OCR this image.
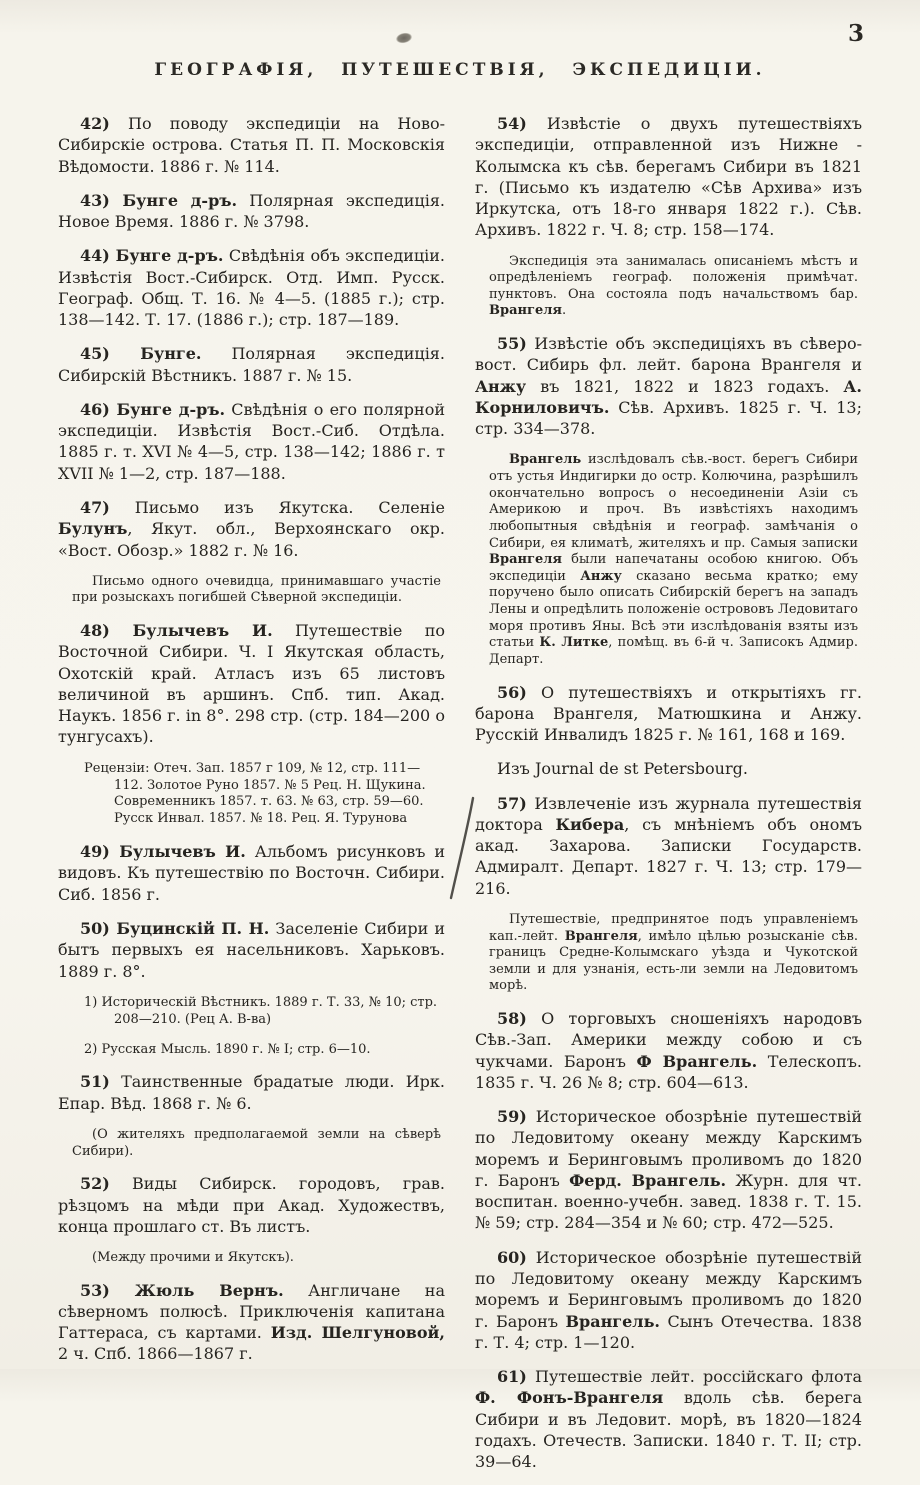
3
ГЕОГРАФІЯ, ПУТЕШЕСТВІЯ, ЭКСПЕДИЦІИ.

42) По поводу экспедиціи на Ново-Сибирскіе острова. Статья П. П. Московскія Вѣдомости. 1886 г. № 114.

43) Бунге д-ръ. Полярная экспедиція. Новое Время. 1886 г. № 3798.

44) Бунге д-ръ. Свѣдѣнія объ экспедиціи. Извѣстія Вост.-Сибирск. Отд. Имп. Русск. Географ. Общ. Т. 16. № 4—5. (1885 г.); стр. 138—142. Т. 17. (1886 г.); стр. 187—189.

45) Бунге. Полярная экспедиція. Сибирскій Вѣстникъ. 1887 г. № 15.

46) Бунге д-ръ. Свѣдѣнія о его полярной экспедиціи. Извѣстія Вост.-Сиб. Отдѣла. 1885 г. т. XVI № 4—5, стр. 138—142; 1886 г. т XVII № 1—2, стр. 187—188.

47) Письмо изъ Якутска. Селеніе Булунъ, Якут. обл., Верхоянскаго окр. «Вост. Обозр.» 1882 г. № 16.

Письмо одного очевидца, принимавшаго участіе при розыскахъ погибшей Сѣверной экспедиціи.

48) Булычевъ И. Путешествіе по Восточной Сибири. Ч. I Якутская область, Охотскій край. Атласъ изъ 65 листовъ величиной въ аршинъ. Спб. тип. Акад. Наукъ. 1856 г. in 8°. 298 стр. (стр. 184—200 о тунгусахъ).

Рецензіи: Отеч. Зап. 1857 г 109, № 12, стр. 111—112. Золотое Руно 1857. № 5 Рец. Н. Щукина. Современникъ 1857. т. 63. № 63, стр. 59—60. Русск Инвал. 1857. № 18. Рец. Я. Турунова

49) Булычевъ И. Альбомъ рисунковъ и видовъ. Къ путешествію по Восточн. Сибири. Сиб. 1856 г.

50) Буцинскій П. Н. Заселеніе Сибири и бытъ первыхъ ея насельниковъ. Харьковъ. 1889 г. 8°.

1) Историческій Вѣстникъ. 1889 г. Т. 33, № 10; стр. 208—210. (Рец А. В-ва)

2) Русская Мысль. 1890 г. № I; стр. 6—10.

51) Таинственные брадатые люди. Ирк. Епар. Вѣд. 1868 г. № 6.

(О жителяхъ предполагаемой земли на сѣверѣ Сибири).

52) Виды Сибирск. городовъ, грав. рѣзцомъ на мѣди при Акад. Художествъ, конца прошлаго ст. Въ листъ.

(Между прочими и Якутскъ).

53) Жюль Вернъ. Англичане на сѣверномъ полюсѣ. Приключенія капитана Гаттераса, съ картами. Изд. Шелгуновой, 2 ч. Спб. 1866—1867 г.

54) Извѣстіе о двухъ путешествіяхъ экспедиціи, отправленной изъ Нижне - Колымска къ сѣв. берегамъ Сибири въ 1821 г. (Письмо къ издателю «Сѣв Архива» изъ Иркутска, отъ 18-го января 1822 г.). Сѣв. Архивъ. 1822 г. Ч. 8; стр. 158—174.

Экспедиція эта занималась описаніемъ мѣстъ и опредѣленіемъ географ. положенія примѣчат. пунктовъ. Она состояла подъ начальствомъ бар. Врангеля.

55) Извѣстіе объ экспедиціяхъ въ сѣверо-вост. Сибирь фл. лейт. барона Врангеля и Анжу въ 1821, 1822 и 1823 годахъ. А. Корниловичъ. Сѣв. Архивъ. 1825 г. Ч. 13; стр. 334—378.

Врангель изслѣдовалъ сѣв.-вост. берегъ Сибири отъ устья Индигирки до остр. Колючина, разрѣшилъ окончательно вопросъ о несоединеніи Азіи съ Америкою и проч. Въ извѣстіяхъ находимъ любопытныя свѣдѣнія и географ. замѣчанія о Сибири, ея климатѣ, жителяхъ и пр. Самыя записки Врангеля были напечатаны особою книгою. Объ экспедиціи Анжу сказано весьма кратко; ему поручено было описать Сибирскій берегъ на западъ Лены и опредѣлить положеніе острововъ Ледовитаго моря противъ Яны. Всѣ эти изслѣдованія взяты изъ статьи К. Литке, помѣщ. въ 6-й ч. Записокъ Адмир. Департ.

56) О путешествіяхъ и открытіяхъ гг. барона Врангеля, Матюшкина и Анжу. Русскій Инвалидъ 1825 г. № 161, 168 и 169.

Изъ Journal de st Petersbourg.

57) Извлеченіе изъ журнала путешествія доктора Кибера, съ мнѣніемъ объ ономъ акад. Захарова. Записки Государств. Адмиралт. Департ. 1827 г. Ч. 13; стр. 179—216.

Путешествіе, предпринятое подъ управленіемъ кап.-лейт. Врангеля, имѣло цѣлью розысканіе сѣв. границъ Средне-Колымскаго уѣзда и Чукотской земли и для узнанія, есть-ли земли на Ледовитомъ морѣ.

58) О торговыхъ сношеніяхъ народовъ Сѣв.-Зап. Америки между собою и съ чукчами. Баронъ Ф Врангель. Телескопъ. 1835 г. Ч. 26 № 8; стр. 604—613.

59) Историческое обозрѣніе путешествій по Ледовитому океану между Карскимъ моремъ и Беринговымъ проливомъ до 1820 г. Баронъ Ферд. Врангель. Журн. для чт. воспитан. военно-учебн. завед. 1838 г. Т. 15. № 59; стр. 284—354 и № 60; стр. 472—525.

60) Историческое обозрѣніе путешествій по Ледовитому океану между Карскимъ моремъ и Беринговымъ проливомъ до 1820 г. Баронъ Врангель. Сынъ Отечества. 1838 г. Т. 4; стр. 1—120.

61) Путешествіе лейт. россійскаго флота Ф. Фонъ-Врангеля вдоль сѣв. берега Сибири и въ Ледовит. морѣ, въ 1820—1824 годахъ. Отечеств. Записки. 1840 г. Т. II; стр. 39—64.
